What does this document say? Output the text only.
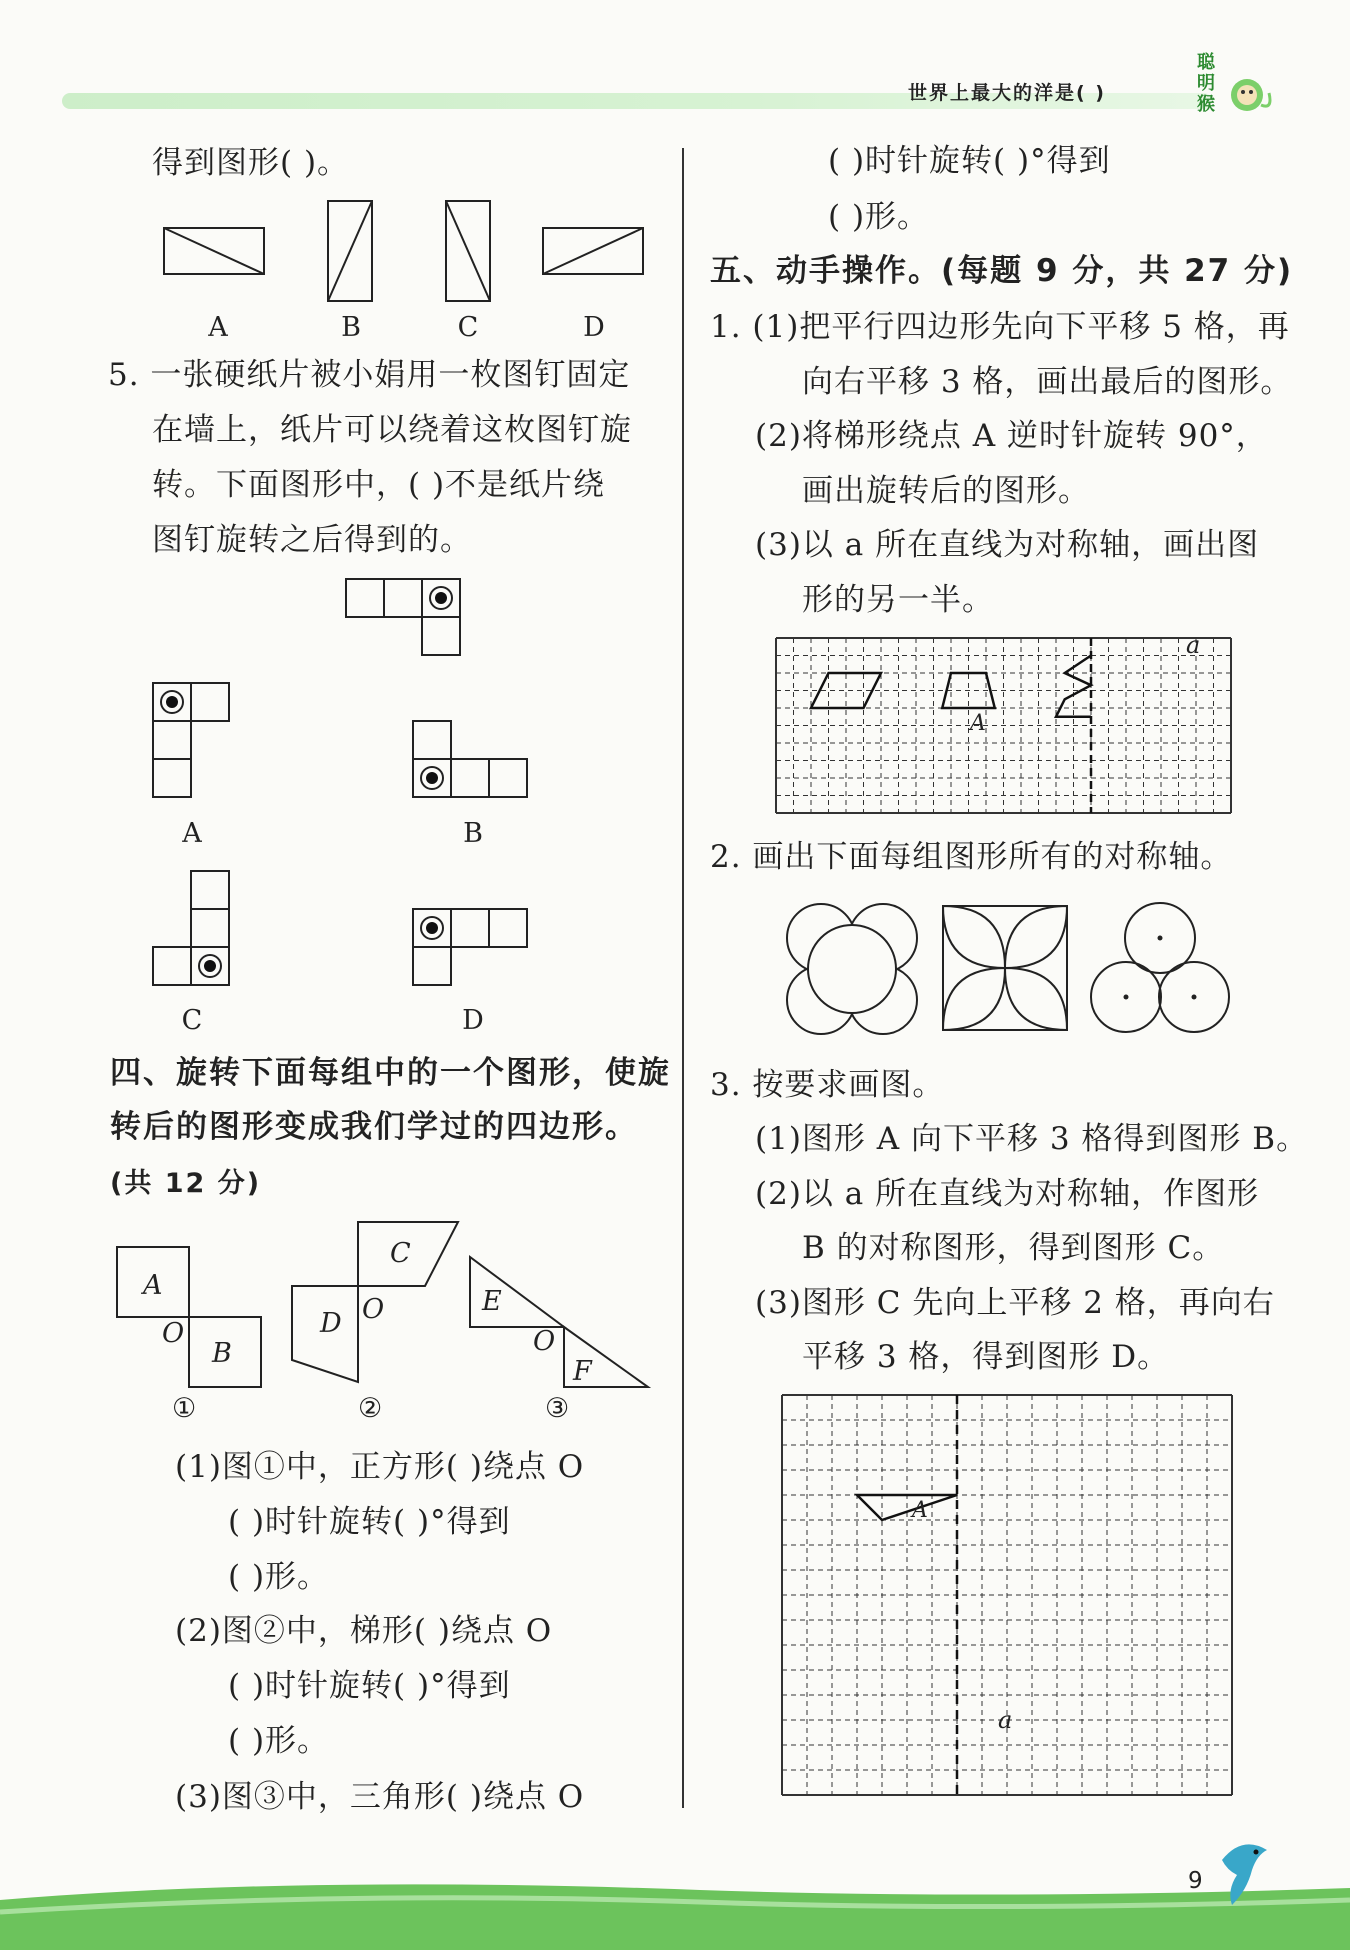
世界上最大的洋是( )
聪明猴
得到图形( )。
A	B	C	D
5. 一张硬纸片被小娟用一枚图钉固定
在墙上，纸片可以绕着这枚图钉旋
转。下面图形中，( )不是纸片绕
图钉旋转之后得到的。
A	B
C	D
四、旋转下面每组中的一个图形，使旋
转后的图形变成我们学过的四边形。
(共 12 分)
A
O
B
①
C
O
D
②
E
O
F
③
(1)图①中，正方形( )绕点 O
( )时针旋转( )°得到
( )形。
(2)图②中，梯形( )绕点 O
( )时针旋转( )°得到
( )形。
(3)图③中，三角形( )绕点 O
( )时针旋转( )°得到
( )形。
五、动手操作。(每题 9 分，共 27 分)
1. (1)把平行四边形先向下平移 5 格，再
向右平移 3 格，画出最后的图形。
(2)将梯形绕点 A 逆时针旋转 90°，
画出旋转后的图形。
(3)以 a 所在直线为对称轴，画出图
形的另一半。
A
a
2. 画出下面每组图形所有的对称轴。
3. 按要求画图。
(1)图形 A 向下平移 3 格得到图形 B。
(2)以 a 所在直线为对称轴，作图形
B 的对称图形，得到图形 C。
(3)图形 C 先向上平移 2 格，再向右
平移 3 格，得到图形 D。
A
a
9
